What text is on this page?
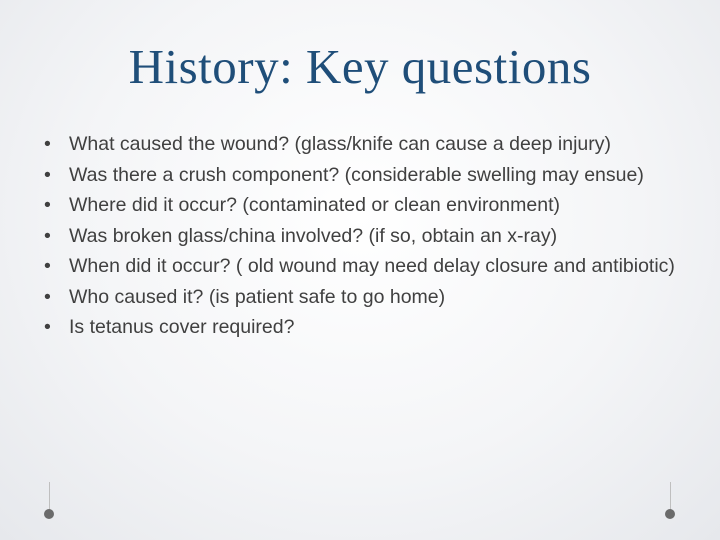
History: Key questions
• What caused the wound? (glass/knife can cause a deep injury)
• Was there a crush component? (considerable swelling may ensue)
• Where did it occur? (contaminated or clean environment)
• Was broken glass/china involved? (if so, obtain an x-ray)
• When did it occur? ( old wound may need delay closure and antibiotic)
• Who caused it? (is patient safe to go home)
• Is tetanus cover required?
